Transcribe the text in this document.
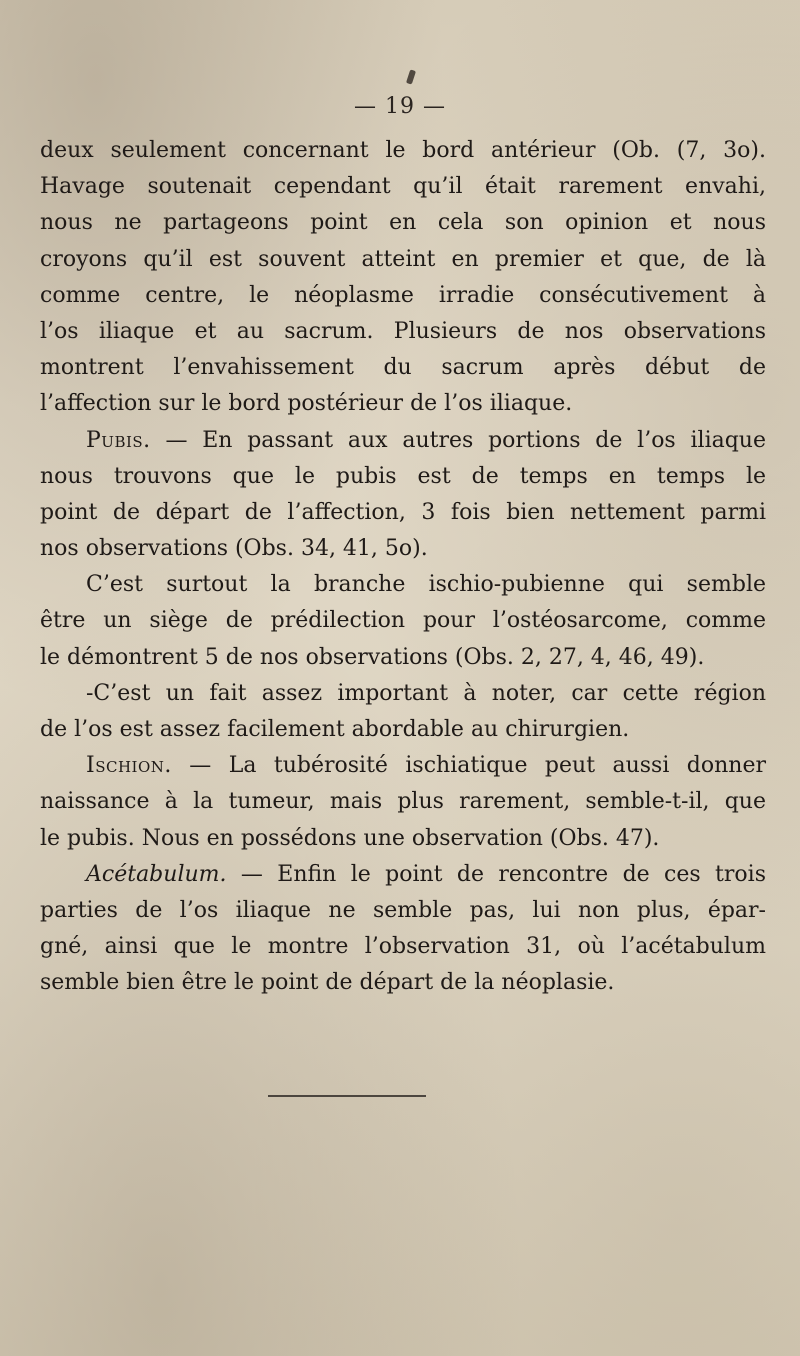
— 19 —
deux seulement concernant le bord antérieur (Ob. (7, 3o).
Havage soutenait cependant qu’il était rarement envahi,
nous ne partageons point en cela son opinion et nous
croyons qu’il est souvent atteint en premier et que, de là
comme centre, le néoplasme irradie consécutivement à
l’os iliaque et au sacrum. Plusieurs de nos observations
montrent l’envahissement du sacrum après début de
l’affection sur le bord postérieur de l’os iliaque.
Pubis. — En passant aux autres portions de l’os iliaque
nous trouvons que le pubis est de temps en temps le
point de départ de l’affection, 3 fois bien nettement parmi
nos observations (Obs. 34, 41, 5o).
C’est surtout la branche ischio-pubienne qui semble
être un siège de prédilection pour l’ostéosarcome, comme
le démontrent 5 de nos observations (Obs. 2, 27, 4, 46, 49).
‑C’est un fait assez important à noter, car cette région
de l’os est assez facilement abordable au chirurgien.
Ischion. — La tubérosité ischiatique peut aussi donner
naissance à la tumeur, mais plus rarement, semble-t-il, que
le pubis. Nous en possédons une observation (Obs. 47).
Acétabulum. — Enfin le point de rencontre de ces trois
parties de l’os iliaque ne semble pas, lui non plus, épar-
gné, ainsi que le montre l’observation 31, où l’acétabulum
semble bien être le point de départ de la néoplasie.
